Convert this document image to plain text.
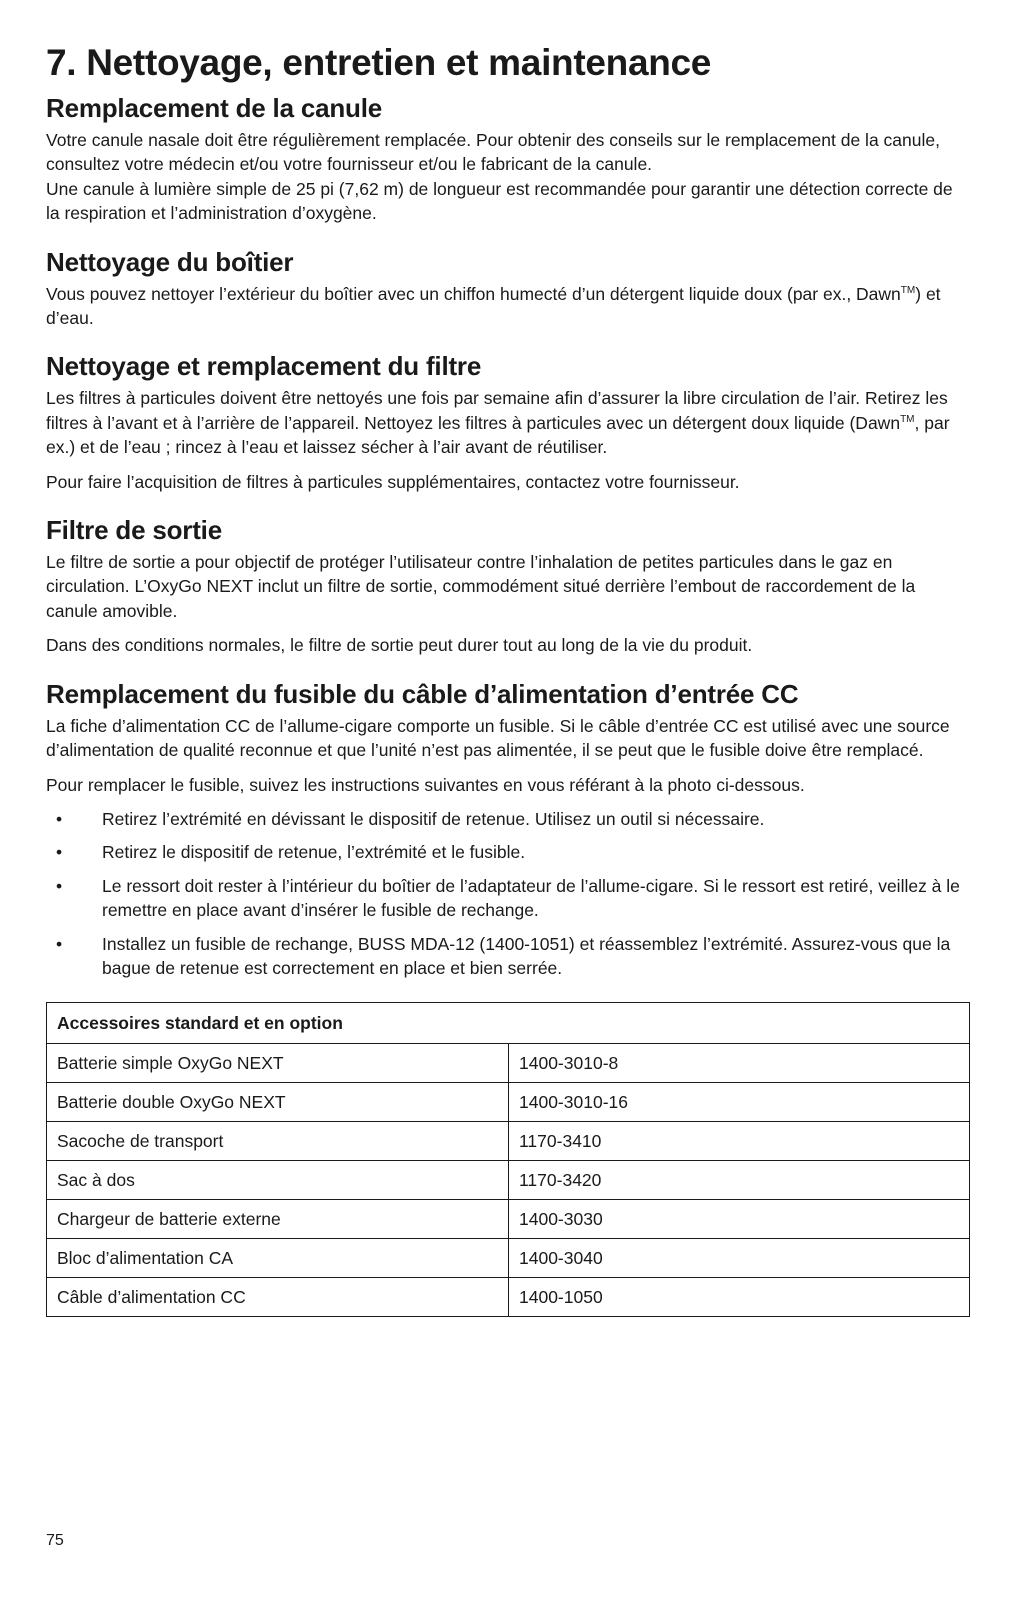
7. Nettoyage, entretien et maintenance
Remplacement de la canule

Votre canule nasale doit être régulièrement remplacée. Pour obtenir des conseils sur le remplacement de la canule, consultez votre médecin et/ou votre fournisseur et/ou le fabricant de la canule.

Une canule à lumière simple de 25 pi (7,62 m) de longueur est recommandée pour garantir une détection correcte de la respiration et l’administration d’oxygène.

Nettoyage du boîtier

Vous pouvez nettoyer l’extérieur du boîtier avec un chiffon humecté d’un détergent liquide doux (par ex., Dawn™) et d’eau.

Nettoyage et remplacement du filtre

Les filtres à particules doivent être nettoyés une fois par semaine afin d’assurer la libre circulation de l’air. Retirez les filtres à l’avant et à l’arrière de l’appareil. Nettoyez les filtres à particules avec un détergent doux liquide (Dawn™, par ex.) et de l’eau ; rincez à l’eau et laissez sécher à l’air avant de réutiliser.

Pour faire l’acquisition de filtres à particules supplémentaires, contactez votre fournisseur.

Filtre de sortie

Le filtre de sortie a pour objectif de protéger l’utilisateur contre l’inhalation de petites particules dans le gaz en circulation. L’OxyGo NEXT inclut un filtre de sortie, commodément situé derrière l’embout de raccordement de la canule amovible.

Dans des conditions normales, le filtre de sortie peut durer tout au long de la vie du produit.

Remplacement du fusible du câble d’alimentation d’entrée CC

La fiche d’alimentation CC de l’allume-cigare comporte un fusible. Si le câble d’entrée CC est utilisé avec une source d’alimentation de qualité reconnue et que l’unité n’est pas alimentée, il se peut que le fusible doive être remplacé.

Pour remplacer le fusible, suivez les instructions suivantes en vous référant à la photo ci-dessous.

• Retirez l’extrémité en dévissant le dispositif de retenue. Utilisez un outil si nécessaire.
• Retirez le dispositif de retenue, l’extrémité et le fusible.
• Le ressort doit rester à l’intérieur du boîtier de l’adaptateur de l’allume-cigare. Si le ressort est retiré, veillez à le remettre en place avant d’insérer le fusible de rechange.
• Installez un fusible de rechange, BUSS MDA-12 (1400-1051) et réassemblez l’extrémité. Assurez-vous que la bague de retenue est correctement en place et bien serrée.
Accessoires standard et en option	
Batterie simple OxyGo NEXT	1400-3010-8
Batterie double OxyGo NEXT	1400-3010-16
Sacoche de transport	1170-3410
Sac à dos	1170-3420
Chargeur de batterie externe	1400-3030
Bloc d’alimentation CA	1400-3040
Câble d’alimentation CC	1400-1050
75
